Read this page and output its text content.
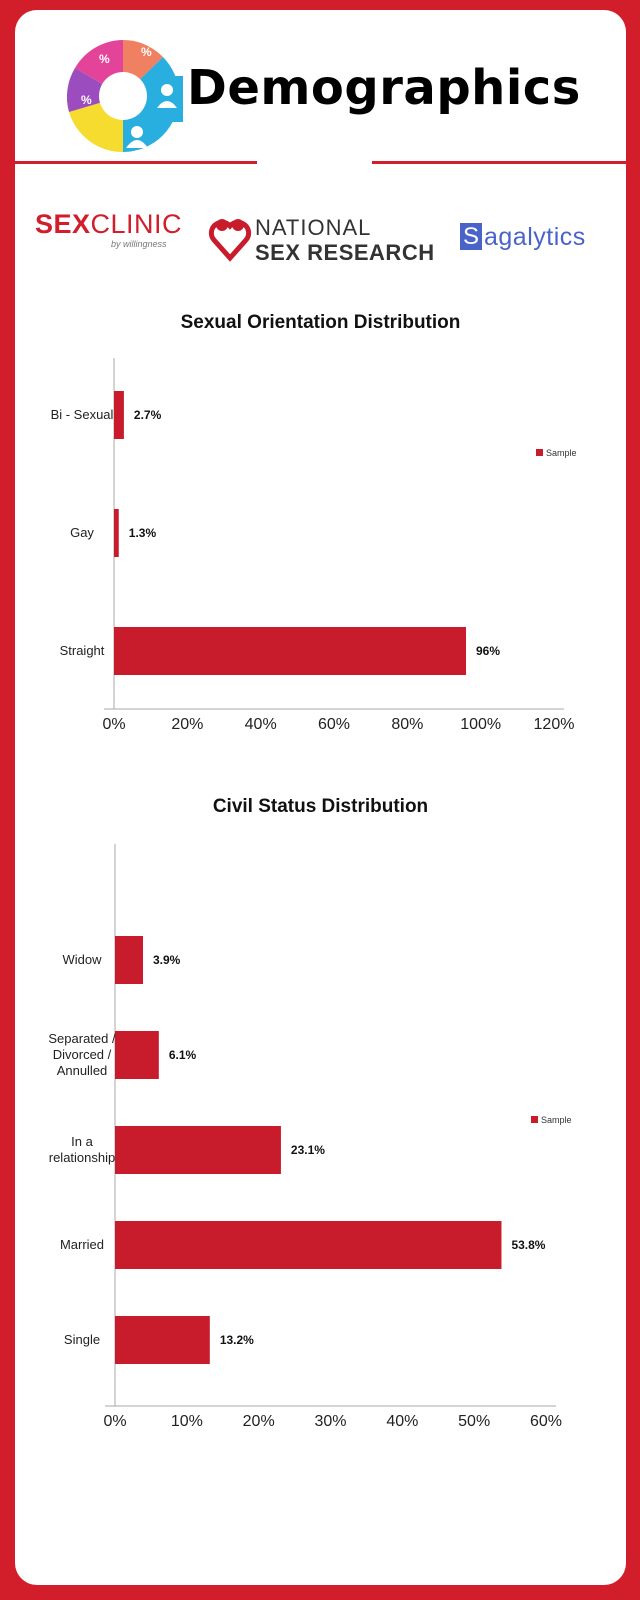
%
%
% Demographics
SEXCLINIC
by willingness
NATIONAL
SEX RESEARCH
S agalytics
Sexual Orientation Distribution
0%	20%	40%	60%	80% 100% 120%
2.7%
Bi - Sexual
1.3%
Gay
96%
Straight
Sample
Civil Status Distribution
0%	10% 20% 30% 40% 50% 60%
3.9%
Widow
6.1%
Separated / Divorced / Annulled
23.1%
In a relationship
53.8%
Married
13.2%
Single
Sample
